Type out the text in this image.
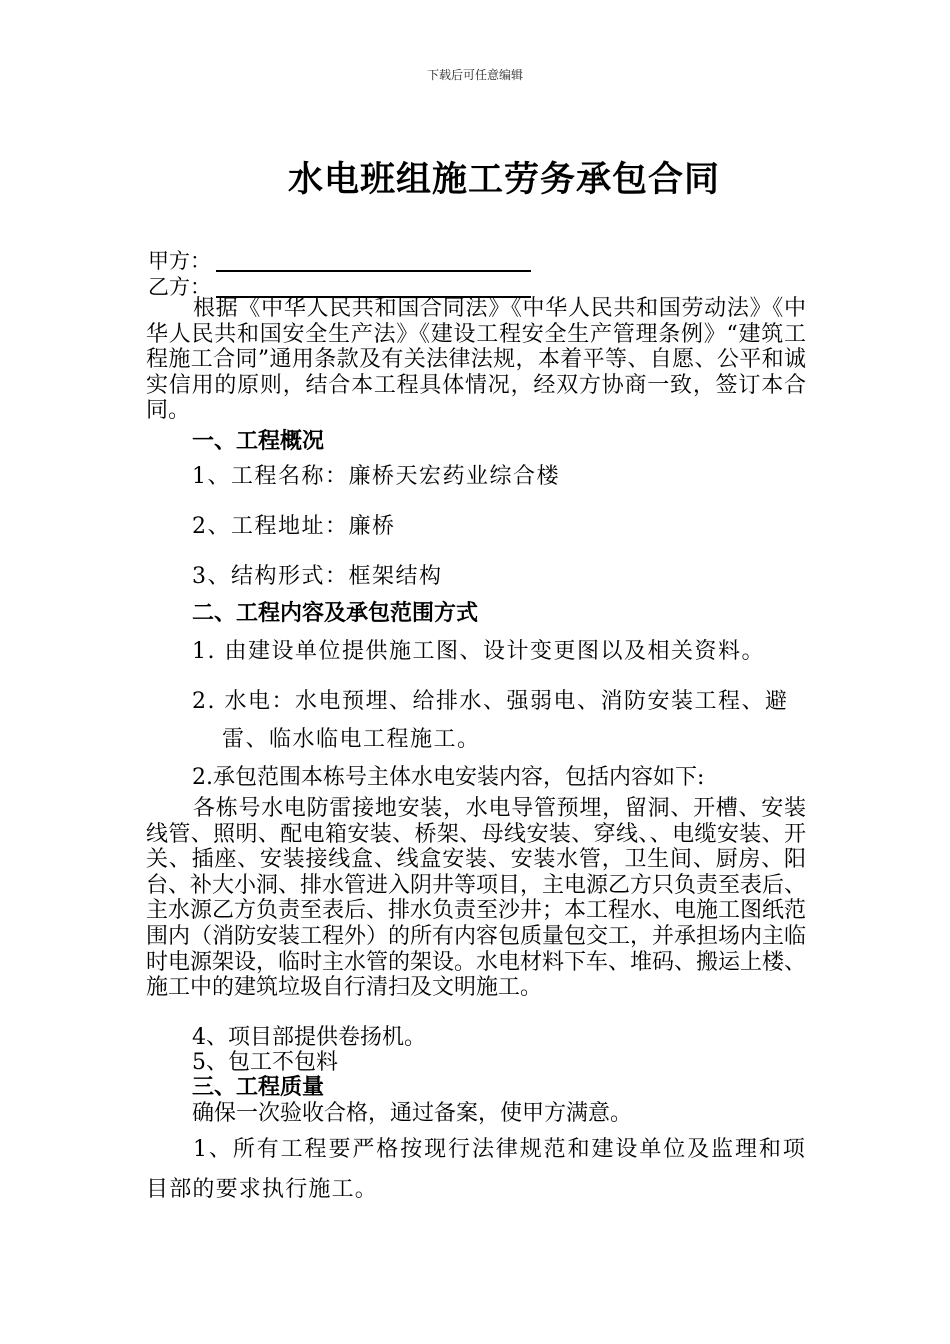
下载后可任意编辑
水电班组施工劳务承包合同
甲方：
乙方：
根据《中华人民共和国合同法》《中华人民共和国劳动法》《中华人民共和国安全生产法》《建设工程安全生产管理条例》“建筑工程施工合同”通用条款及有关法律法规，本着平等、自愿、公平和诚实信用的原则，结合本工程具体情况，经双方协商一致，签订本合同。
一、工程概况
1、工程名称：廉桥天宏药业综合楼
2、工程地址：廉桥
3、结构形式：框架结构
二、工程内容及承包范围方式
1. 由建设单位提供施工图、设计变更图以及相关资料。
2. 水电：水电预埋、给排水、强弱电、消防安装工程、避
雷、临水临电工程施工。
2.承包范围本栋号主体水电安装内容，包括内容如下:
各栋号水电防雷接地安装，水电导管预埋，留洞、开槽、安装线管、照明、配电箱安装、桥架、母线安装、穿线、、电缆安装、开关、插座、安装接线盒、线盒安装、安装水管，卫生间、厨房、阳台、补大小洞、排水管进入阴井等项目，主电源乙方只负责至表后、主水源乙方负责至表后、排水负责至沙井；本工程水、电施工图纸范围内（消防安装工程外）的所有内容包质量包交工，并承担场内主临时电源架设，临时主水管的架设。水电材料下车、堆码、搬运上楼、施工中的建筑垃圾自行清扫及文明施工。
4、项目部提供卷扬机。
5、包工不包料
三、工程质量
确保一次验收合格，通过备案，使甲方满意。
1、所有工程要严格按现行法律规范和建设单位及监理和项目部的要求执行施工。
